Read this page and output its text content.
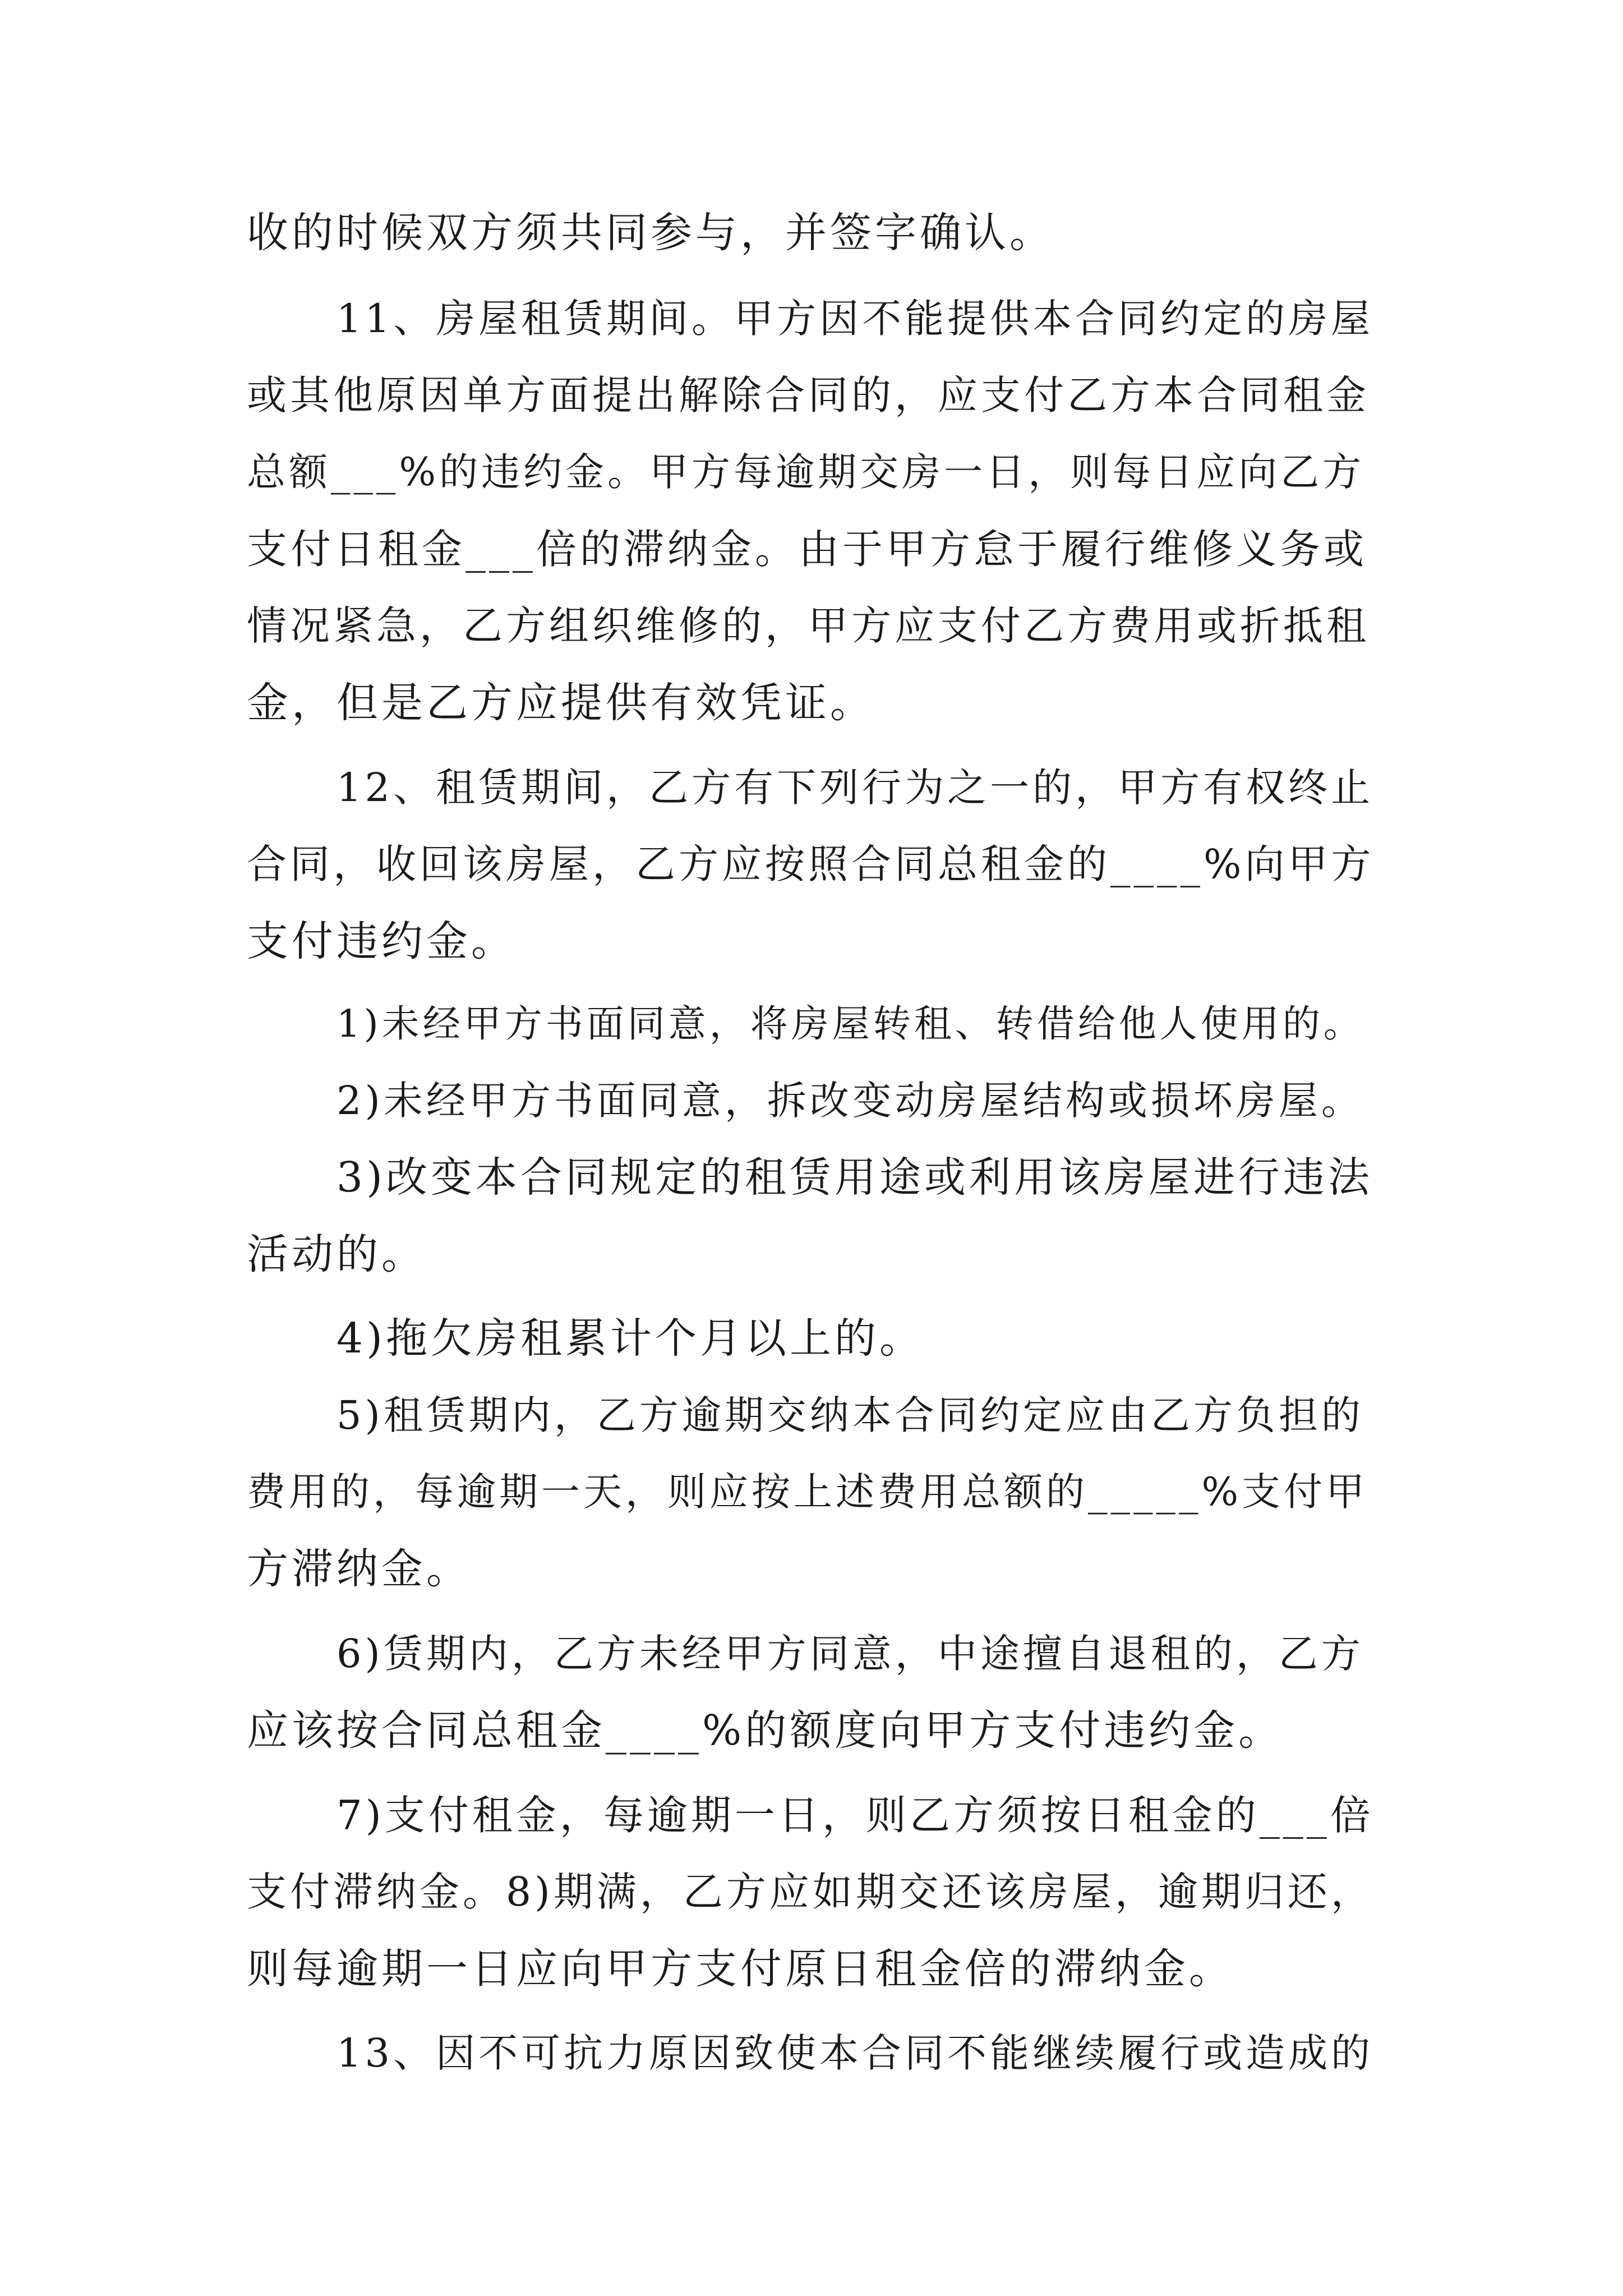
收的时候双方须共同参与，并签字确认。
11、房屋租赁期间。甲方因不能提供本合同约定的房屋
或其他原因单方面提出解除合同的，应支付乙方本合同租金
总额___%的违约金。甲方每逾期交房一日，则每日应向乙方
支付日租金___倍的滞纳金。由于甲方怠于履行维修义务或
情况紧急，乙方组织维修的，甲方应支付乙方费用或折抵租
金，但是乙方应提供有效凭证。
12、租赁期间，乙方有下列行为之一的，甲方有权终止
合同，收回该房屋，乙方应按照合同总租金的____%向甲方
支付违约金。
1)未经甲方书面同意，将房屋转租、转借给他人使用的。
2)未经甲方书面同意，拆改变动房屋结构或损坏房屋。
3)改变本合同规定的租赁用途或利用该房屋进行违法
活动的。
4)拖欠房租累计个月以上的。
5)租赁期内，乙方逾期交纳本合同约定应由乙方负担的
费用的，每逾期一天，则应按上述费用总额的_____%支付甲
方滞纳金。
6)赁期内，乙方未经甲方同意，中途擅自退租的，乙方
应该按合同总租金____%的额度向甲方支付违约金。
7)支付租金，每逾期一日，则乙方须按日租金的___倍
支付滞纳金。8)期满，乙方应如期交还该房屋，逾期归还，
则每逾期一日应向甲方支付原日租金倍的滞纳金。
13、因不可抗力原因致使本合同不能继续履行或造成的
